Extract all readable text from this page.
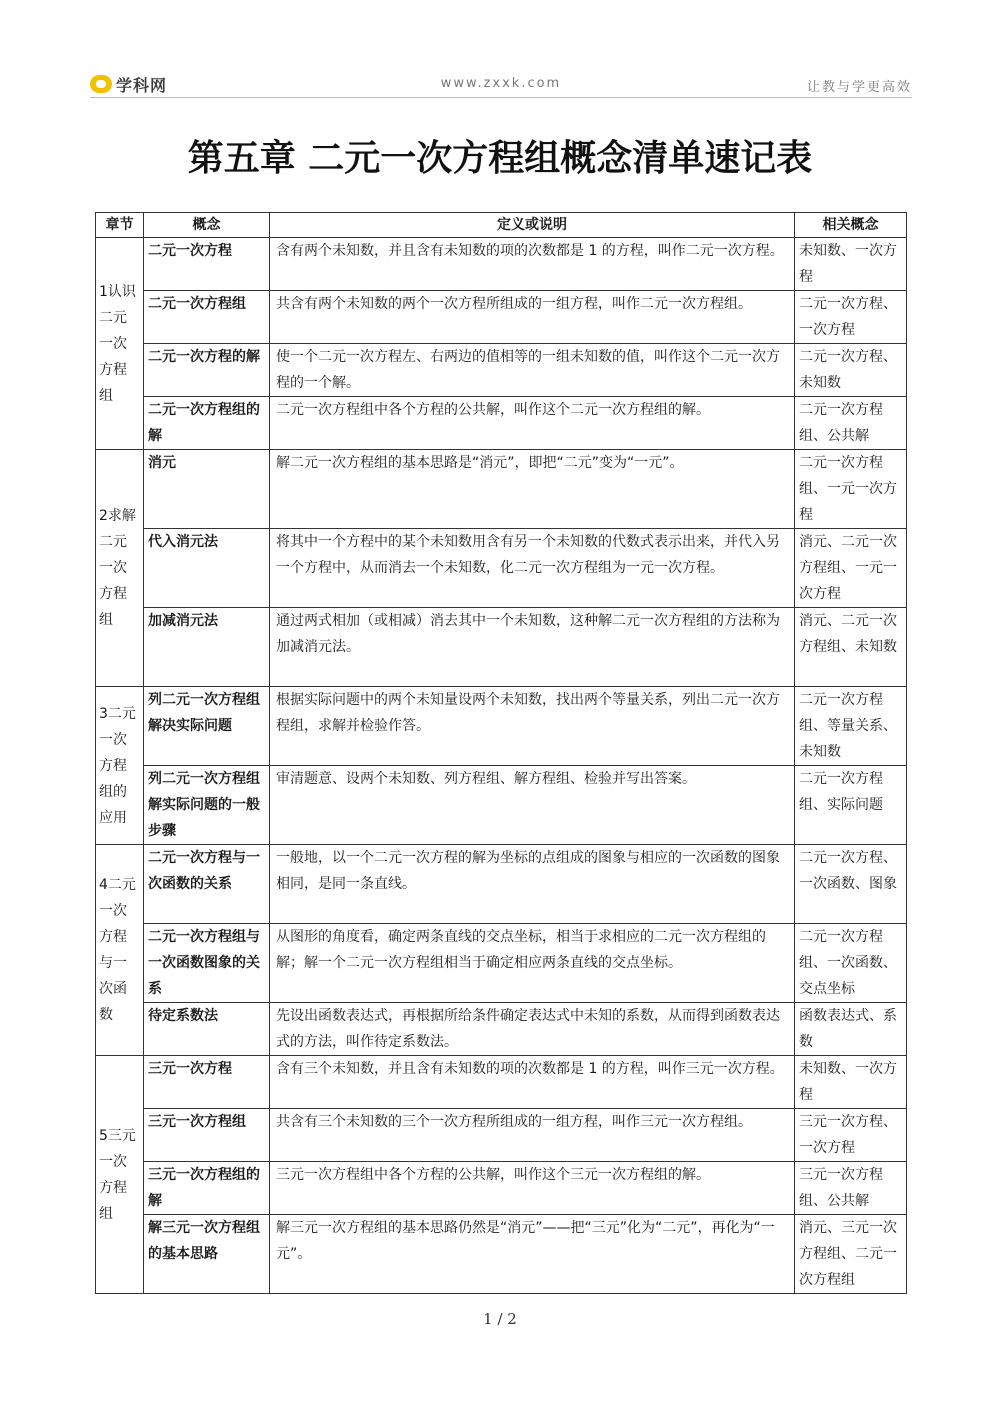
学科网	www.zxxk.com	让教与学更高效
第五章 二元一次方程组概念清单速记表
章节	概念	定义或说明	相关概念
1认识二元一次方程组	二元一次方程	含有两个未知数，并且含有未知数的项的次数都是 1 的方程，叫作二元一次方程。	未知数、一次方程
	二元一次方程组	共含有两个未知数的两个一次方程所组成的一组方程，叫作二元一次方程组。	二元一次方程、一次方程
	二元一次方程的解	使一个二元一次方程左、右两边的值相等的一组未知数的值，叫作这个二元一次方程的一个解。	二元一次方程、未知数
	二元一次方程组的解	二元一次方程组中各个方程的公共解，叫作这个二元一次方程组的解。	二元一次方程组、公共解
2求解二元一次方程组	消元	解二元一次方程组的基本思路是“消元”，即把“二元”变为“一元”。	二元一次方程组、一元一次方程
	代入消元法	将其中一个方程中的某个未知数用含有另一个未知数的代数式表示出来，并代入另一个方程中，从而消去一个未知数，化二元一次方程组为一元一次方程。	消元、二元一次方程组、一元一次方程
	加减消元法	通过两式相加（或相减）消去其中一个未知数，这种解二元一次方程组的方法称为加减消元法。	消元、二元一次方程组、未知数
3二元一次方程组的应用	列二元一次方程组解决实际问题	根据实际问题中的两个未知量设两个未知数，找出两个等量关系，列出二元一次方程组，求解并检验作答。	二元一次方程组、等量关系、未知数
	列二元一次方程组解实际问题的一般步骤	审清题意、设两个未知数、列方程组、解方程组、检验并写出答案。	二元一次方程组、实际问题
4二元一次方程与一次函数	二元一次方程与一次函数的关系	一般地，以一个二元一次方程的解为坐标的点组成的图象与相应的一次函数的图象相同，是同一条直线。	二元一次方程、一次函数、图象
	二元一次方程组与一次函数图象的关系	从图形的角度看，确定两条直线的交点坐标，相当于求相应的二元一次方程组的解；解一个二元一次方程组相当于确定相应两条直线的交点坐标。	二元一次方程组、一次函数、交点坐标
	待定系数法	先设出函数表达式，再根据所给条件确定表达式中未知的系数，从而得到函数表达式的方法，叫作待定系数法。	函数表达式、系数
5三元一次方程组	三元一次方程	含有三个未知数，并且含有未知数的项的次数都是 1 的方程，叫作三元一次方程。	未知数、一次方程
	三元一次方程组	共含有三个未知数的三个一次方程所组成的一组方程，叫作三元一次方程组。	三元一次方程、一次方程
	三元一次方程组的解	三元一次方程组中各个方程的公共解，叫作这个三元一次方程组的解。	三元一次方程组、公共解
	解三元一次方程组的基本思路	解三元一次方程组的基本思路仍然是“消元”——把“三元”化为“二元”，再化为“一元”。	消元、三元一次方程组、二元一次方程组
1 / 2
